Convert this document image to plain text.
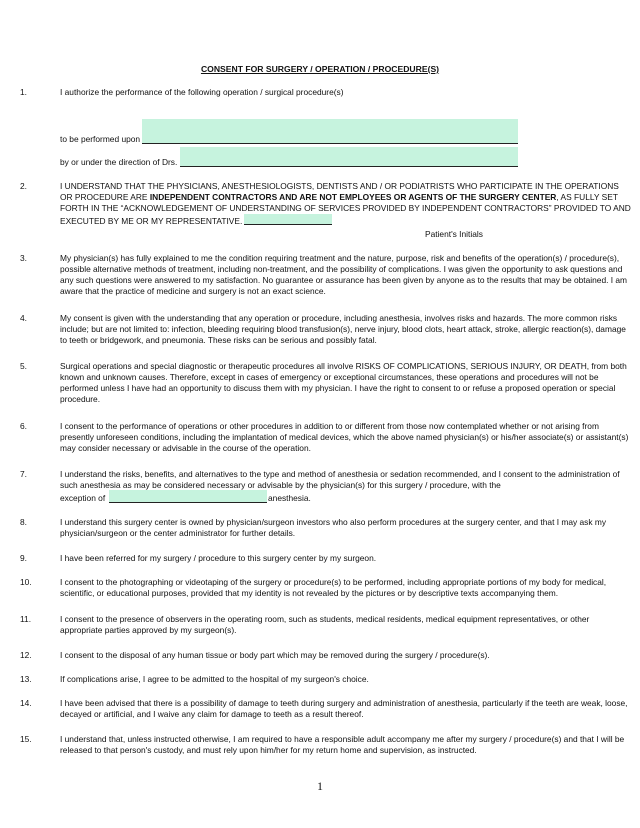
CONSENT FOR SURGERY / OPERATION / PROCEDURE(S)
1.	I authorize the performance of the following operation / surgical procedure(s)
to be performed upon
by or under the direction of Drs.
2.	I UNDERSTAND THAT THE PHYSICIANS, ANESTHESIOLOGISTS, DENTISTS AND / OR PODIATRISTS WHO PARTICIPATE IN THE OPERATIONS OR PROCEDURE ARE INDEPENDENT CONTRACTORS AND ARE NOT EMPLOYEES OR AGENTS OF THE SURGERY CENTER, AS FULLY SET FORTH IN THE “ACKNOWLEDGEMENT OF UNDERSTANDING OF SERVICES PROVIDED BY INDEPENDENT CONTRACTORS” PROVIDED TO AND EXECUTED BY ME OR MY REPRESENTATIVE.
Patient's Initials
3.	My physician(s) has fully explained to me the condition requiring treatment and the nature, purpose, risk and benefits of the operation(s) / procedure(s), possible alternative methods of treatment, including non-treatment, and the possibility of complications. I was given the opportunity to ask questions and any such questions were answered to my satisfaction. No guarantee or assurance has been given by anyone as to the results that may be obtained. I am aware that the practice of medicine and surgery is not an exact science.
4.	My consent is given with the understanding that any operation or procedure, including anesthesia, involves risks and hazards. The more common risks include; but are not limited to: infection, bleeding requiring blood transfusion(s), nerve injury, blood clots, heart attack, stroke, allergic reaction(s), damage to teeth or bridgework, and pneumonia. These risks can be serious and possibly fatal.
5.	Surgical operations and special diagnostic or therapeutic procedures all involve RISKS OF COMPLICATIONS, SERIOUS INJURY, OR DEATH, from both known and unknown causes. Therefore, except in cases of emergency or exceptional circumstances, these operations and procedures will not be performed unless I have had an opportunity to discuss them with my physician. I have the right to consent to or refuse a proposed operation or special procedure.
6.	I consent to the performance of operations or other procedures in addition to or different from those now contemplated whether or not arising from presently unforeseen conditions, including the implantation of medical devices, which the above named physician(s) or his/her associate(s) or assistant(s) may consider necessary or advisable in the course of the operation.
7.	I understand the risks, benefits, and alternatives to the type and method of anesthesia or sedation recommended, and I consent to the administration of such anesthesia as may be considered necessary or advisable by the physician(s) for this surgery / procedure, with the
exception of	anesthesia.
8.	I understand this surgery center is owned by physician/surgeon investors who also perform procedures at the surgery center, and that I may ask my physician/surgeon or the center administrator for further details.
9.	I have been referred for my surgery / procedure to this surgery center by my surgeon.
10.	I consent to the photographing or videotaping of the surgery or procedure(s) to be performed, including appropriate portions of my body for medical, scientific, or educational purposes, provided that my identity is not revealed by the pictures or by descriptive texts accompanying them.
11.	I consent to the presence of observers in the operating room, such as students, medical residents, medical equipment representatives, or other appropriate parties approved by my surgeon(s).
12.	I consent to the disposal of any human tissue or body part which may be removed during the surgery / procedure(s).
13.	If complications arise, I agree to be admitted to the hospital of my surgeon's choice.
14.	I have been advised that there is a possibility of damage to teeth during surgery and administration of anesthesia, particularly if the teeth are weak, loose, decayed or artificial, and I waive any claim for damage to teeth as a result thereof.
15.	I understand that, unless instructed otherwise, I am required to have a responsible adult accompany me after my surgery / procedure(s) and that I will be released to that person's custody, and must rely upon him/her for my return home and supervision, as instructed.
1
